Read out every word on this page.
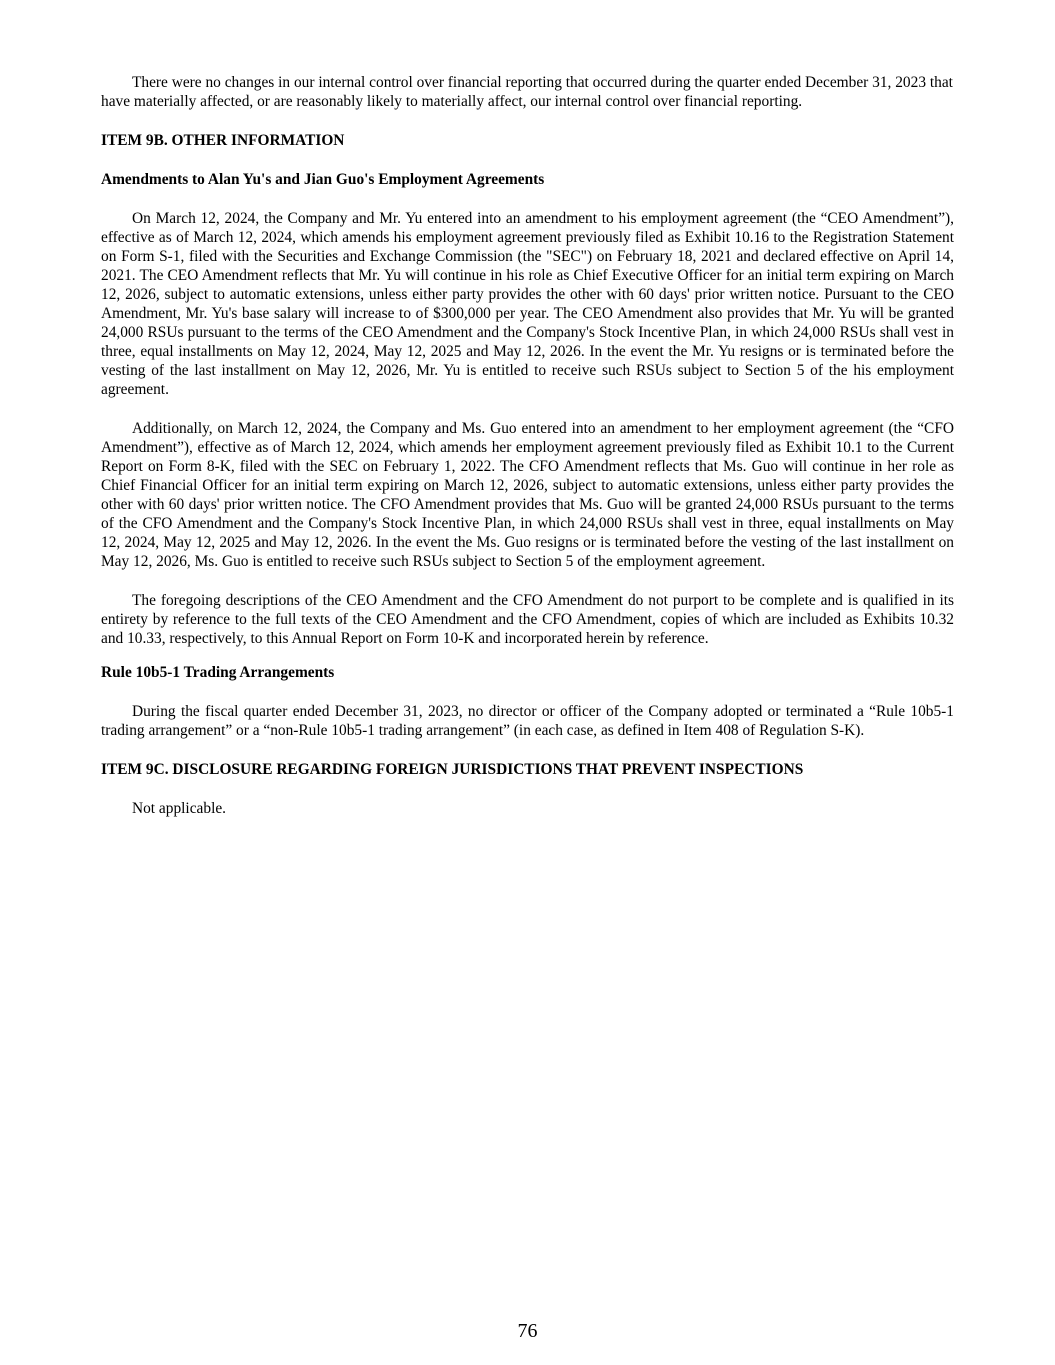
There were no changes in our internal control over financial reporting that occurred during the quarter ended December 31, 2023 that have materially affected, or are reasonably likely to materially affect, our internal control over financial reporting.

ITEM 9B. OTHER INFORMATION
Amendments to Alan Yu's and Jian Guo's Employment Agreements

On March 12, 2024, the Company and Mr. Yu entered into an amendment to his employment agreement (the “CEO Amendment”), effective as of March 12, 2024, which amends his employment agreement previously filed as Exhibit 10.16 to the Registration Statement on Form S-1, filed with the Securities and Exchange Commission (the "SEC") on February 18, 2021 and declared effective on April 14, 2021. The CEO Amendment reflects that Mr. Yu will continue in his role as Chief Executive Officer for an initial term expiring on March 12, 2026, subject to automatic extensions, unless either party provides the other with 60 days' prior written notice. Pursuant to the CEO Amendment, Mr. Yu's base salary will increase to of $300,000 per year. The CEO Amendment also provides that Mr. Yu will be granted 24,000 RSUs pursuant to the terms of the CEO Amendment and the Company's Stock Incentive Plan, in which 24,000 RSUs shall vest in three, equal installments on May 12, 2024, May 12, 2025 and May 12, 2026. In the event the Mr. Yu resigns or is terminated before the vesting of the last installment on May 12, 2026, Mr. Yu is entitled to receive such RSUs subject to Section 5 of the his employment agreement.

Additionally, on March 12, 2024, the Company and Ms. Guo entered into an amendment to her employment agreement (the “CFO Amendment”), effective as of March 12, 2024, which amends her employment agreement previously filed as Exhibit 10.1 to the Current Report on Form 8-K, filed with the SEC on February 1, 2022. The CFO Amendment reflects that Ms. Guo will continue in her role as Chief Financial Officer for an initial term expiring on March 12, 2026, subject to automatic extensions, unless either party provides the other with 60 days' prior written notice. The CFO Amendment provides that Ms. Guo will be granted 24,000 RSUs pursuant to the terms of the CFO Amendment and the Company's Stock Incentive Plan, in which 24,000 RSUs shall vest in three, equal installments on May 12, 2024, May 12, 2025 and May 12, 2026. In the event the Ms. Guo resigns or is terminated before the vesting of the last installment on May 12, 2026, Ms. Guo is entitled to receive such RSUs subject to Section 5 of the employment agreement.

The foregoing descriptions of the CEO Amendment and the CFO Amendment do not purport to be complete and is qualified in its entirety by reference to the full texts of the CEO Amendment and the CFO Amendment, copies of which are included as Exhibits 10.32 and 10.33, respectively, to this Annual Report on Form 10-K and incorporated herein by reference.

Rule 10b5-1 Trading Arrangements

During the fiscal quarter ended December 31, 2023, no director or officer of the Company adopted or terminated a “Rule 10b5-1 trading arrangement” or a “non-Rule 10b5-1 trading arrangement” (in each case, as defined in Item 408 of Regulation S-K).

ITEM 9C. DISCLOSURE REGARDING FOREIGN JURISDICTIONS THAT PREVENT INSPECTIONS

Not applicable.

76
